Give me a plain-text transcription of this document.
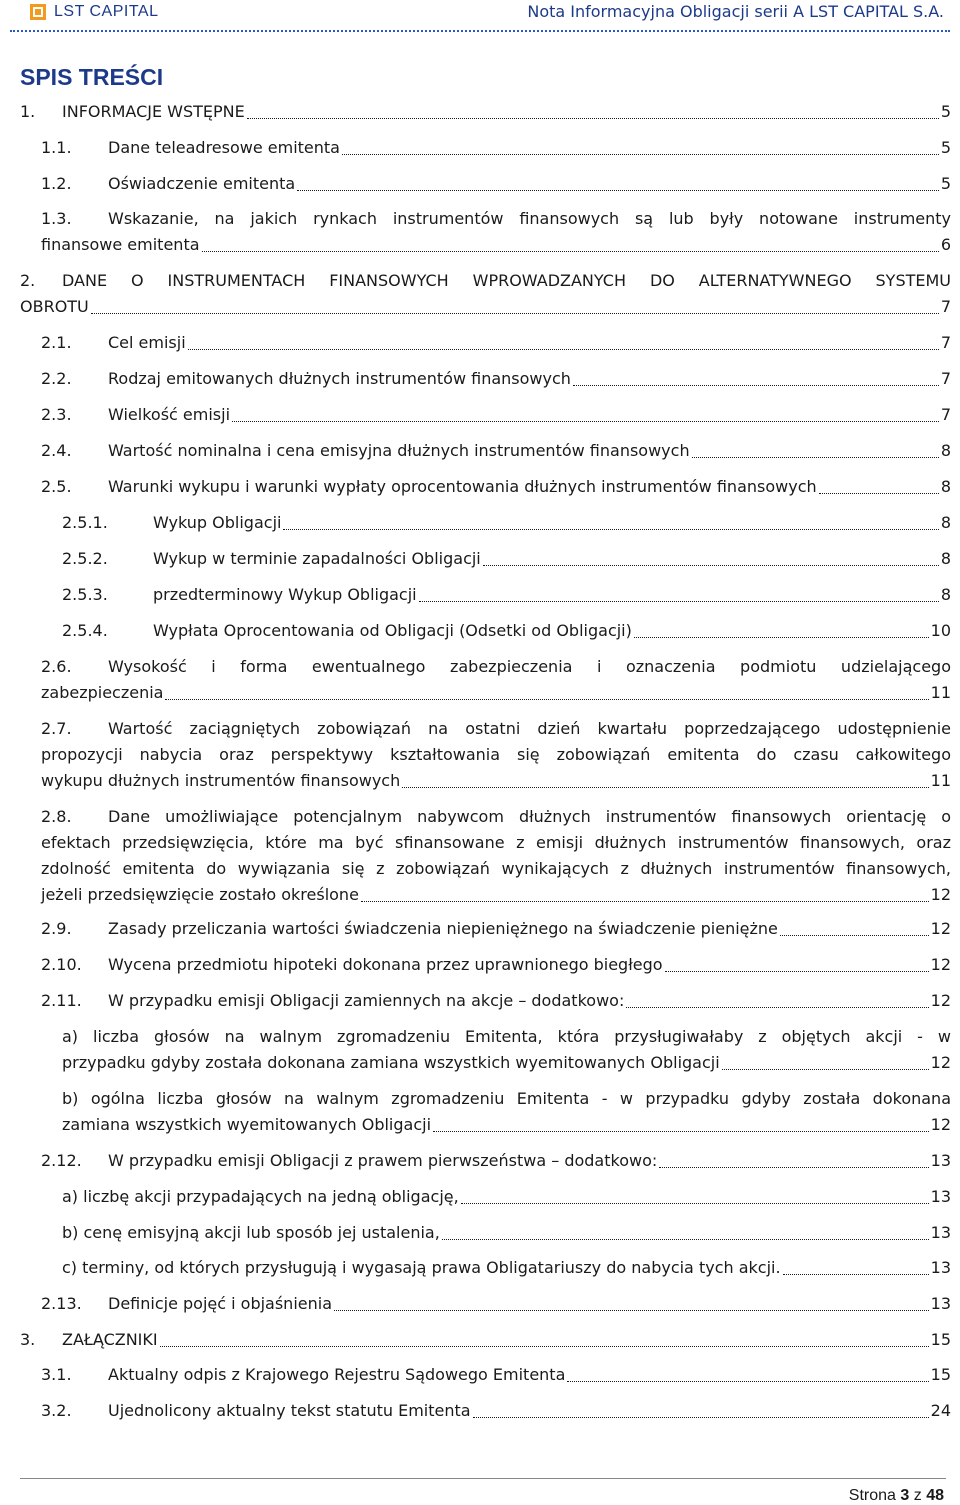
LST CAPITAL	Nota Informacyjna Obligacji serii A LST CAPITAL S.A.
SPIS TREŚCI
1. INFORMACJE WSTĘPNE	5
1.1. Dane teleadresowe emitenta	5
1.2. Oświadczenie emitenta	5
1.3. Wskazanie, na jakich rynkach instrumentów finansowych są lub były notowane instrumenty
finansowe emitenta	6
2. DANE O INSTRUMENTACH FINANSOWYCH WPROWADZANYCH DO ALTERNATYWNEGO SYSTEMU
OBROTU	7
2.1. Cel emisji	7
2.2. Rodzaj emitowanych dłużnych instrumentów finansowych	7
2.3. Wielkość emisji	7
2.4. Wartość nominalna i cena emisyjna dłużnych instrumentów finansowych	8
2.5. Warunki wykupu i warunki wypłaty oprocentowania dłużnych instrumentów finansowych	8
2.5.1.	Wykup Obligacji	8
2.5.2.	Wykup w terminie zapadalności Obligacji	8
2.5.3.	przedterminowy Wykup Obligacji	8
2.5.4.	Wypłata Oprocentowania od Obligacji (Odsetki od Obligacji)	10
2.6. Wysokość i forma ewentualnego zabezpieczenia i oznaczenia podmiotu udzielającego
zabezpieczenia	11
2.7. Wartość zaciągniętych zobowiązań na ostatni dzień kwartału poprzedzającego udostępnienie
propozycji nabycia oraz perspektywy kształtowania się zobowiązań emitenta do czasu całkowitego
wykupu dłużnych instrumentów finansowych	11
2.8. Dane umożliwiające potencjalnym nabywcom dłużnych instrumentów finansowych orientację o
efektach przedsięwzięcia, które ma być sfinansowane z emisji dłużnych instrumentów finansowych, oraz
zdolność emitenta do wywiązania się z zobowiązań wynikających z dłużnych instrumentów finansowych,
jeżeli przedsięwzięcie zostało określone	12
2.9. Zasady przeliczania wartości świadczenia niepieniężnego na świadczenie pieniężne	12
2.10. Wycena przedmiotu hipoteki dokonana przez uprawnionego biegłego	12
2.11. W przypadku emisji Obligacji zamiennych na akcje – dodatkowo:	12
a) liczba głosów na walnym zgromadzeniu Emitenta, która przysługiwałaby z objętych akcji - w
przypadku gdyby została dokonana zamiana wszystkich wyemitowanych Obligacji	12
b) ogólna liczba głosów na walnym zgromadzeniu Emitenta - w przypadku gdyby została dokonana
zamiana wszystkich wyemitowanych Obligacji	12
2.12. W przypadku emisji Obligacji z prawem pierwszeństwa – dodatkowo:	13
a) liczbę akcji przypadających na jedną obligację,	13
b) cenę emisyjną akcji lub sposób jej ustalenia,	13
c) terminy, od których przysługują i wygasają prawa Obligatariuszy do nabycia tych akcji.	13
2.13. Definicje pojęć i objaśnienia	13
3. ZAŁĄCZNIKI	15
3.1. Aktualny odpis z Krajowego Rejestru Sądowego Emitenta	15
3.2. Ujednolicony aktualny tekst statutu Emitenta	24
Strona 3 z 48
